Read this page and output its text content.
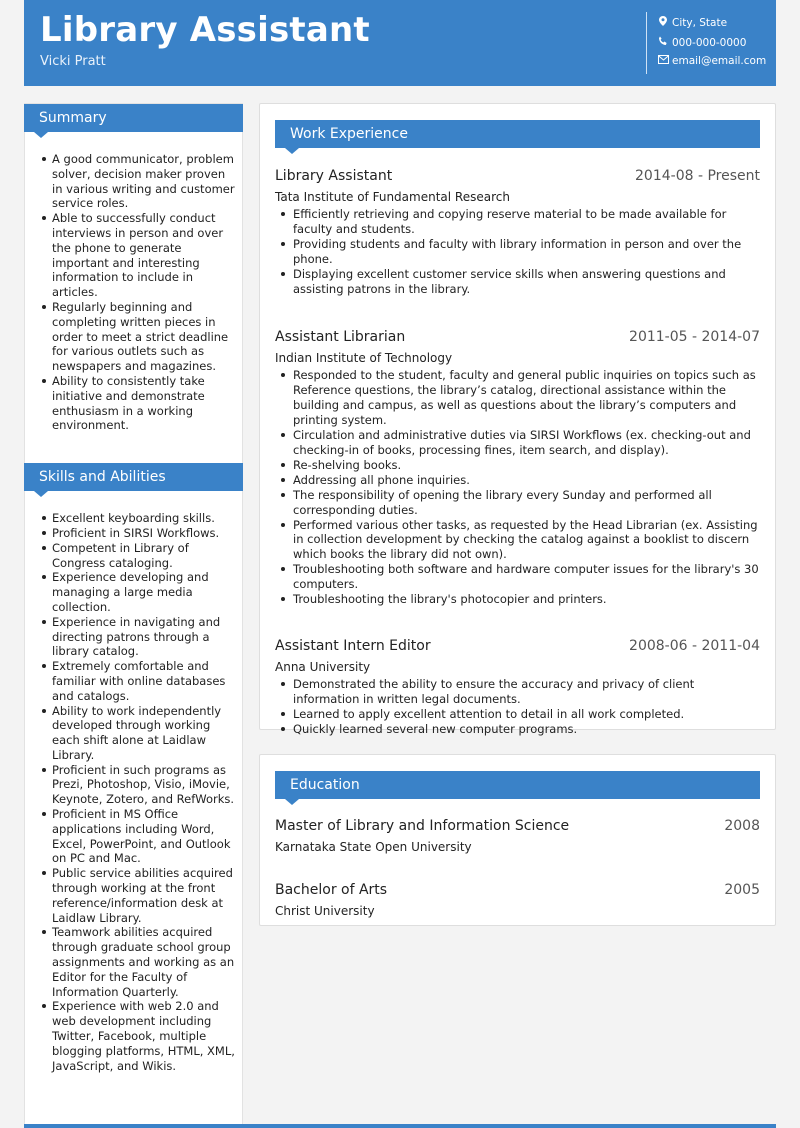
Library Assistant
Vicki Pratt
City, State
000-000-0000
email@email.com
Summary
A good communicator, problem solver, decision maker proven in various writing and customer service roles.
Able to successfully conduct interviews in person and over the phone to generate important and interesting information to include in articles.
Regularly beginning and completing written pieces in order to meet a strict deadline for various outlets such as newspapers and magazines.
Ability to consistently take initiative and demonstrate enthusiasm in a working environment.
Skills and Abilities
Excellent keyboarding skills.
Proficient in SIRSI Workflows.
Competent in Library of Congress cataloging.
Experience developing and managing a large media collection.
Experience in navigating and directing patrons through a library catalog.
Extremely comfortable and familiar with online databases and catalogs.
Ability to work independently developed through working each shift alone at Laidlaw Library.
Proficient in such programs as Prezi, Photoshop, Visio, iMovie, Keynote, Zotero, and RefWorks.
Proficient in MS Office applications including Word, Excel, PowerPoint, and Outlook on PC and Mac.
Public service abilities acquired through working at the front reference/information desk at Laidlaw Library.
Teamwork abilities acquired through graduate school group assignments and working as an Editor for the Faculty of Information Quarterly.
Experience with web 2.0 and web development including Twitter, Facebook, multiple blogging platforms, HTML, XML, JavaScript, and Wikis.
Work Experience
Library Assistant	2014-08 - Present
Tata Institute of Fundamental Research
Efficiently retrieving and copying reserve material to be made available for faculty and students.
Providing students and faculty with library information in person and over the phone.
Displaying excellent customer service skills when answering questions and assisting patrons in the library.
Assistant Librarian	2011-05 - 2014-07
Indian Institute of Technology
Responded to the student, faculty and general public inquiries on topics such as Reference questions, the library’s catalog, directional assistance within the building and campus, as well as questions about the library’s computers and printing system.
Circulation and administrative duties via SIRSI Workflows (ex. checking-out and checking-in of books, processing fines, item search, and display).
Re-shelving books.
Addressing all phone inquiries.
The responsibility of opening the library every Sunday and performed all corresponding duties.
Performed various other tasks, as requested by the Head Librarian (ex. Assisting in collection development by checking the catalog against a booklist to discern which books the library did not own).
Troubleshooting both software and hardware computer issues for the library's 30 computers.
Troubleshooting the library's photocopier and printers.
Assistant Intern Editor	2008-06 - 2011-04
Anna University
Demonstrated the ability to ensure the accuracy and privacy of client information in written legal documents.
Learned to apply excellent attention to detail in all work completed.
Quickly learned several new computer programs.
Education
Master of Library and Information Science	2008
Karnataka State Open University
Bachelor of Arts	2005
Christ University
